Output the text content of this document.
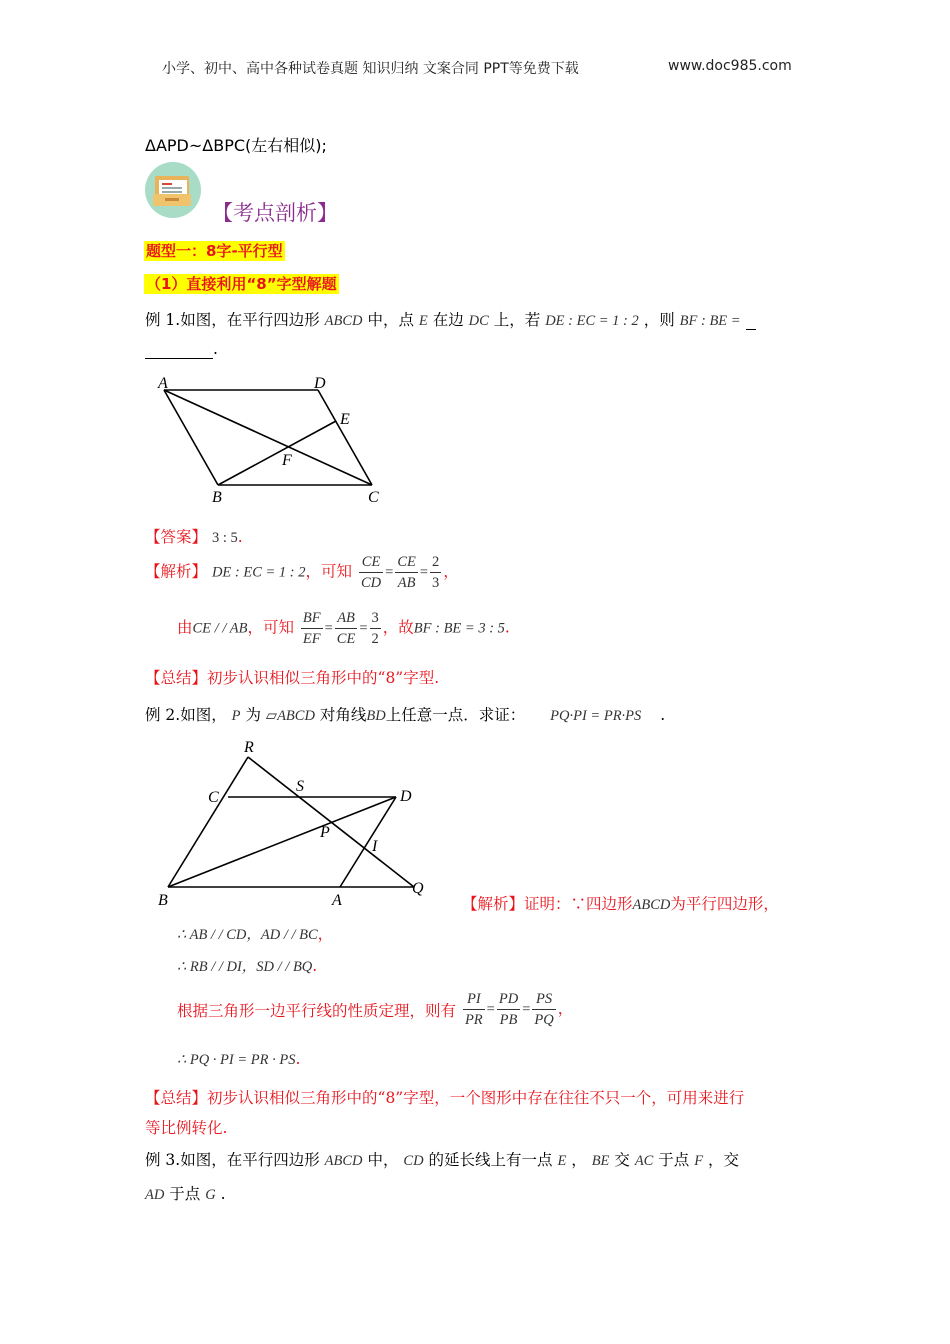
小学、初中、高中各种试卷真题 知识归纳 文案合同 PPT等免费下载	www.doc985.com
ΔAPD~ΔBPC(左右相似);
【考点剖析】
题型一：8字-平行型
（1）直接利用“8”字型解题
例 1.如图，在平行四边形 ABCD 中，点 E 在边 DC 上，若 DE : EC = 1 : 2 ，则 BF : BE =
.
A	D
E
F
B	C
【答案】 3 : 5.
【解析】 DE : EC = 1 : 2，可知 $\frac{CE}{CD} = \frac{CE}{AB} = \frac{2}{3}$ ，
由CE / / AB，可知 $\frac{BF}{EF} = \frac{AB}{CE} = \frac{3}{2}$ ，故BF : BE = 3 : 5.
【总结】初步认识相似三角形中的“8”字型.
例 2.如图， P 为 ▱ABCD 对角线BD上任意一点．求证： PQ·PI = PR·PS .
R
S
C	D
P
I
B	A
Q
【解析】证明：∵四边形ABCD为平行四边形，
∴ AB / / CD，AD / / BC，
∴ RB / / DI，SD / / BQ.
根据三角形一边平行线的性质定理，则有 $\frac{PI}{PR} = \frac{PD}{PB} = \frac{PS}{PQ}$ ，
∴ PQ · PI = PR · PS.
【总结】初步认识相似三角形中的“8”字型，一个图形中存在往往不只一个，可用来进行
等比例转化.
例 3.如图，在平行四边形 ABCD 中， CD 的延长线上有一点 E ， BE 交 AC 于点 F ，交
AD 于点 G .
